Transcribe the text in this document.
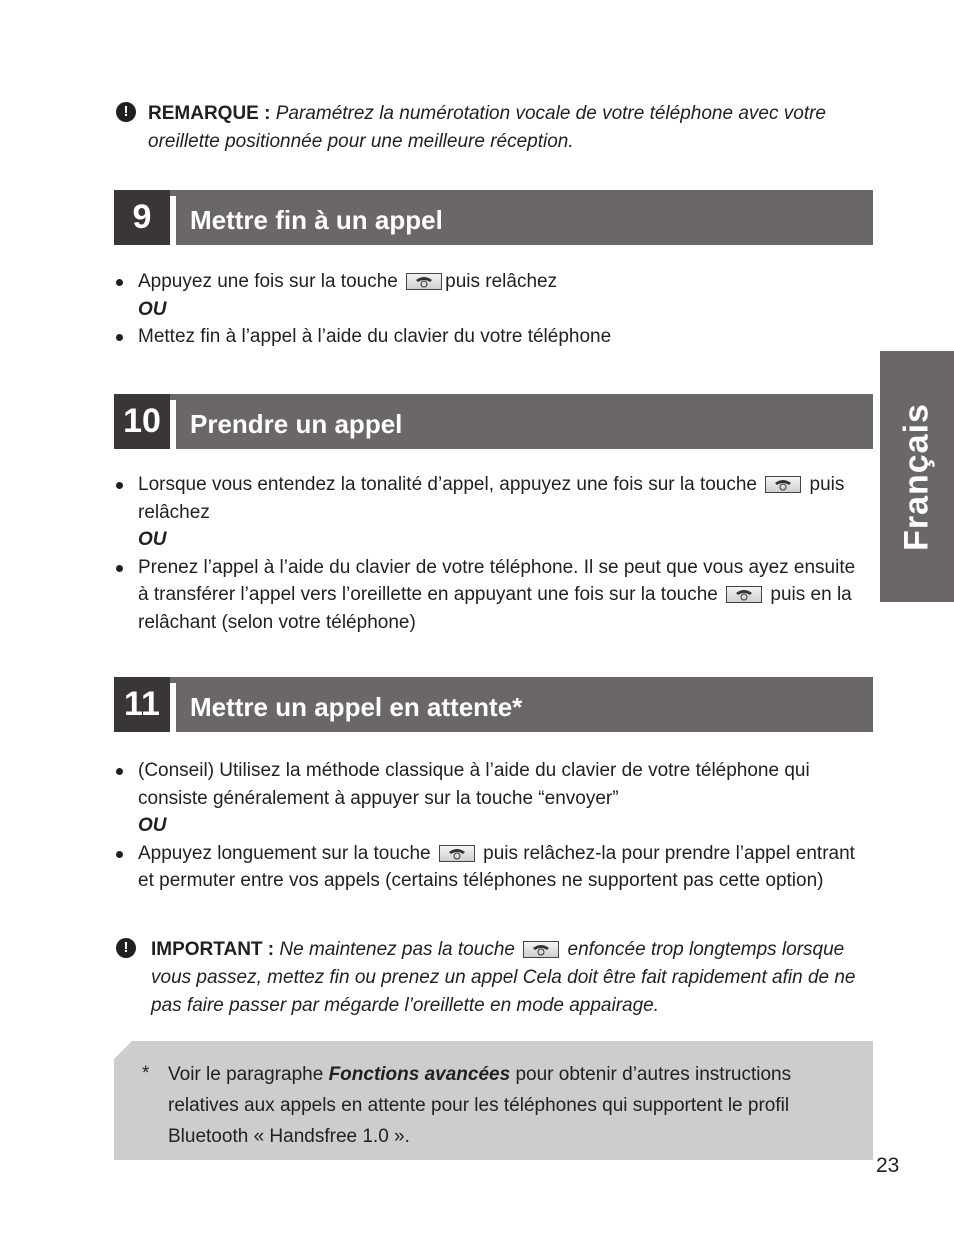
!	REMARQUE : Paramétrez la numérotation vocale de votre téléphone avec votre oreillette positionnée pour une meilleure réception.
9	Mettre fin à un appel
Appuyez une fois sur la touche puis relâchez
OU
Mettez fin à l’appel à l’aide du clavier du votre téléphone
10	Prendre un appel
Lorsque vous entendez la tonalité d’appel, appuyez une fois sur la touche	puis relâchez
OU
Prenez l’appel à l’aide du clavier de votre téléphone. Il se peut que vous ayez ensuite à transférer l’appel vers l’oreillette en appuyant une fois sur la touche	puis en la relâchant (selon votre téléphone)
11	Mettre un appel en attente*
(Conseil) Utilisez la méthode classique à l’aide du clavier de votre téléphone qui consiste généralement à appuyer sur la touche “envoyer”
OU
Appuyez longuement sur la touche	puis relâchez-la pour prendre l’appel entrant et permuter entre vos appels (certains téléphones ne supportent pas cette option)
!	IMPORTANT : Ne maintenez pas la touche	enfoncée trop longtemps lorsque vous passez, mettez fin ou prenez un appel Cela doit être fait rapidement afin de ne pas faire passer par mégarde l’oreillette en mode appairage.
* Voir le paragraphe Fonctions avancées pour obtenir d’autres instructions relatives aux appels en attente pour les téléphones qui supportent le profil Bluetooth « Handsfree 1.0 ».
Français
23
